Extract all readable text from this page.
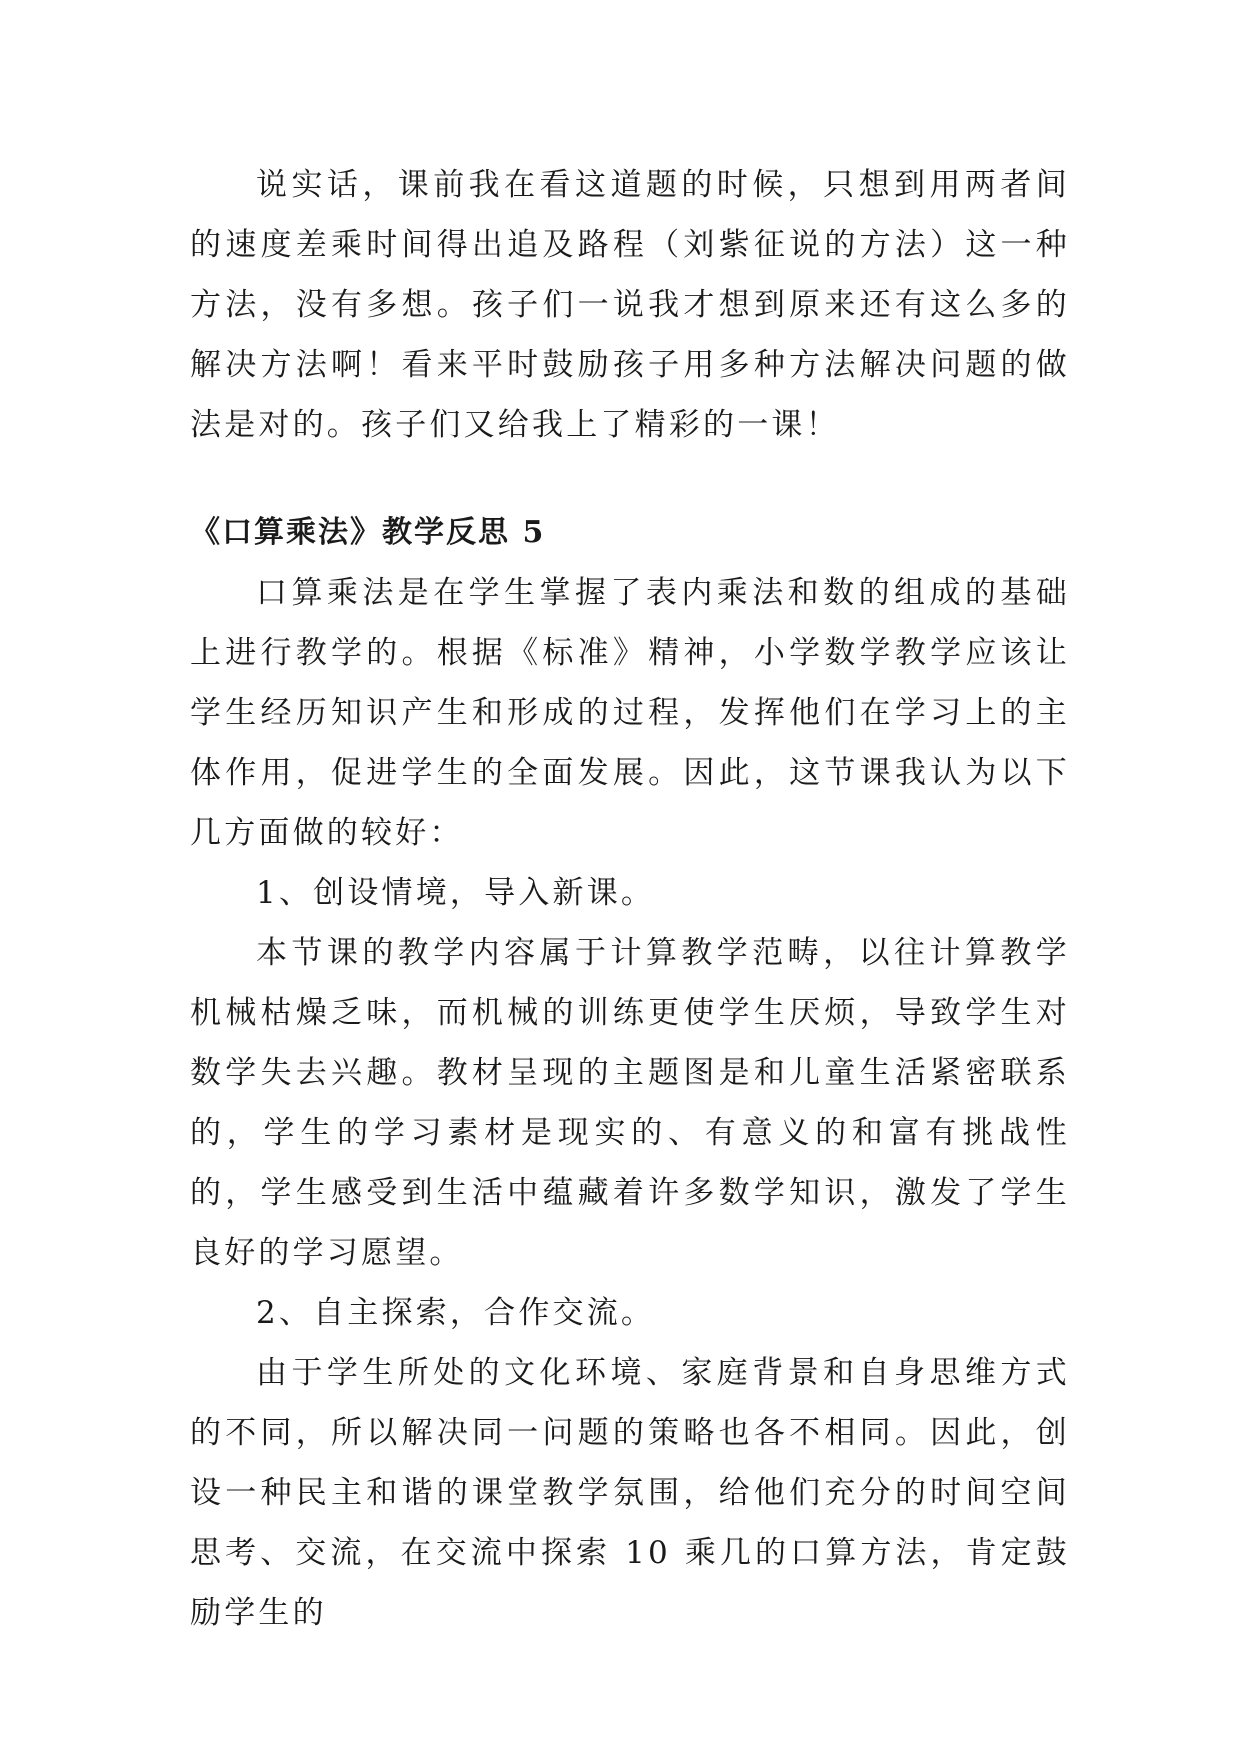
说实话，课前我在看这道题的时候，只想到用两者间的速度差乘时间得出追及路程（刘紫征说的方法）这一种方法，没有多想。孩子们一说我才想到原来还有这么多的解决方法啊！看来平时鼓励孩子用多种方法解决问题的做法是对的。孩子们又给我上了精彩的一课！

《口算乘法》教学反思 5

口算乘法是在学生掌握了表内乘法和数的组成的基础上进行教学的。根据《标准》精神，小学数学教学应该让学生经历知识产生和形成的过程，发挥他们在学习上的主体作用，促进学生的全面发展。因此，这节课我认为以下几方面做的较好：

1、创设情境，导入新课。

本节课的教学内容属于计算教学范畴，以往计算教学机械枯燥乏味，而机械的训练更使学生厌烦，导致学生对数学失去兴趣。教材呈现的主题图是和儿童生活紧密联系的，学生的学习素材是现实的、有意义的和富有挑战性的，学生感受到生活中蕴藏着许多数学知识，激发了学生良好的学习愿望。

2、自主探索，合作交流。

由于学生所处的文化环境、家庭背景和自身思维方式的不同，所以解决同一问题的策略也各不相同。因此，创设一种民主和谐的课堂教学氛围，给他们充分的时间空间思考、交流，在交流中探索 10 乘几的口算方法，肯定鼓励学生的
